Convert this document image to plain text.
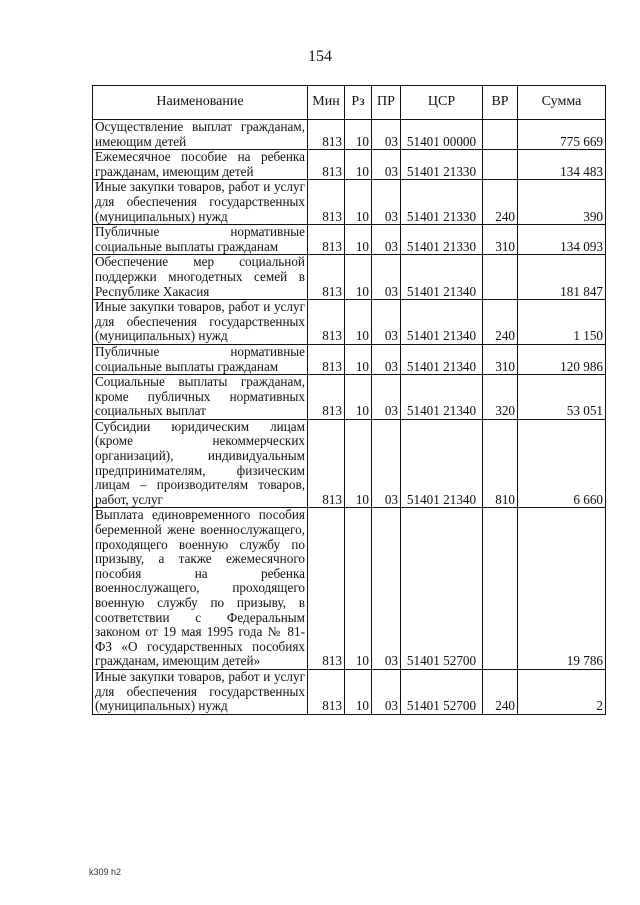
154
Наименование	Мин	Рз	ПР	ЦСР	ВР	Сумма
Осуществление выплат гражданам, имеющим детей	813	10	03	51401 00000		775 669
Ежемесячное пособие на ребенка гражданам, имеющим детей	813	10	03	51401 21330		134 483
Иные закупки товаров, работ и услуг для обеспечения государственных (муниципальных) нужд	813	10	03	51401 21330	240	390
Публичные нормативные социальные выплаты гражданам	813	10	03	51401 21330	310	134 093
Обеспечение мер социальной поддержки многодетных семей в Республике Хакасия	813	10	03	51401 21340		181 847
Иные закупки товаров, работ и услуг для обеспечения государственных (муниципальных) нужд	813	10	03	51401 21340	240	1 150
Публичные нормативные социальные выплаты гражданам	813	10	03	51401 21340	310	120 986
Социальные выплаты гражданам, кроме публичных нормативных социальных выплат	813	10	03	51401 21340	320	53 051
Субсидии юридическим лицам (кроме некоммерческих организаций), индивидуальным предпринимателям, физическим лицам – производителям товаров, работ, услуг	813	10	03	51401 21340	810	6 660
Выплата единовременного пособия беременной жене военнослужащего, проходящего военную службу по призыву, а также ежемесячного пособия на ребенка военнослужащего, проходящего военную службу по призыву, в соответствии с Федеральным законом от 19 мая 1995 года № 81-ФЗ «О государственных пособиях гражданам, имеющим детей»	813	10	03	51401 52700		19 786
Иные закупки товаров, работ и услуг для обеспечения государственных (муниципальных) нужд	813	10	03	51401 52700	240	2
k309 h2
